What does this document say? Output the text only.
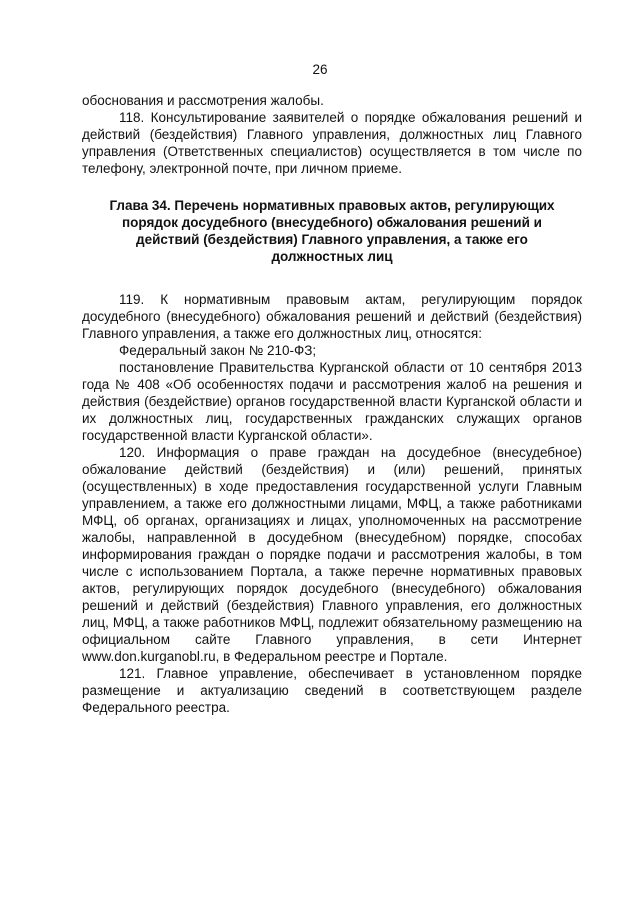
26

обоснования и рассмотрения жалобы.

118. Консультирование заявителей о порядке обжалования решений и действий (бездействия) Главного управления, должностных лиц Главного управления (Ответственных специалистов) осуществляется в том числе по телефону, электронной почте, при личном приеме.

Глава 34. Перечень нормативных правовых актов, регулирующих порядок досудебного (внесудебного) обжалования решений и действий (бездействия) Главного управления, а также его должностных лиц

119. К нормативным правовым актам, регулирующим порядок досудебного (внесудебного) обжалования решений и действий (бездействия) Главного управления, а также его должностных лиц, относятся:

Федеральный закон № 210-ФЗ;

постановление Правительства Курганской области от 10 сентября 2013 года № 408 «Об особенностях подачи и рассмотрения жалоб на решения и действия (бездействие) органов государственной власти Курганской области и их должностных лиц, государственных гражданских служащих органов государственной власти Курганской области».

120. Информация о праве граждан на досудебное (внесудебное) обжалование действий (бездействия) и (или) решений, принятых (осуществленных) в ходе предоставления государственной услуги Главным управлением, а также его должностными лицами, МФЦ, а также работниками МФЦ, об органах, организациях и лицах, уполномоченных на рассмотрение жалобы, направленной в досудебном (внесудебном) порядке, способах информирования граждан о порядке подачи и рассмотрения жалобы, в том числе с использованием Портала, а также перечне нормативных правовых актов, регулирующих порядок досудебного (внесудебного) обжалования решений и действий (бездействия) Главного управления, его должностных лиц, МФЦ, а также работников МФЦ, подлежит обязательному размещению на официальном сайте Главного управления, в сети Интернет www.don.kurganobl.ru, в Федеральном реестре и Портале.

121. Главное управление, обеспечивает в установленном порядке размещение и актуализацию сведений в соответствующем разделе Федерального реестра.
